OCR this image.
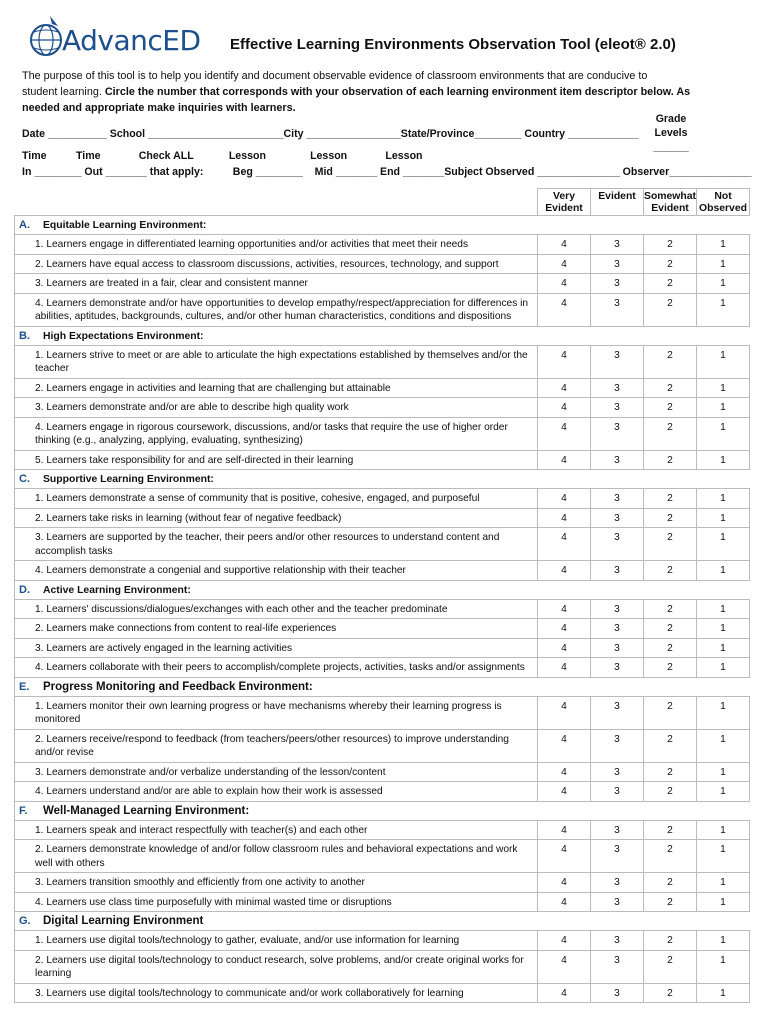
AdvancED Effective Learning Environments Observation Tool (eleot® 2.0)
The purpose of this tool is to help you identify and document observable evidence of classroom environments that are conducive to
student learning. Circle the number that corresponds with your observation of each learning environment item descriptor below. As
needed and appropriate make inquiries with learners.
Grade
Levels ______
Date __________ School _______________________City ________________State/Province________ Country ____________
Time          Time             Check ALL            Lesson               Lesson             Lesson
In ________ Out _______ that apply:          Beg ________    Mid _______ End _______Subject Observed ______________ Observer______________
	Very Evident	Evident	Somewhat Evident	Not Observed
A. Equitable Learning Environment:				
1. Learners engage in differentiated learning opportunities and/or activities that meet their needs	4	3	2	1
2. Learners have equal access to classroom discussions, activities, resources, technology, and support	4	3	2	1
3. Learners are treated in a fair, clear and consistent manner	4	3	2	1
4. Learners demonstrate and/or have opportunities to develop empathy/respect/appreciation for differences in abilities, aptitudes, backgrounds, cultures, and/or other human characteristics, conditions and dispositions	4	3	2	1
B. High Expectations Environment:				
1. Learners strive to meet or are able to articulate the high expectations established by themselves and/or the teacher	4	3	2	1
2. Learners engage in activities and learning that are challenging but attainable	4	3	2	1
3. Learners demonstrate and/or are able to describe high quality work	4	3	2	1
4. Learners engage in rigorous coursework, discussions, and/or tasks that require the use of higher order thinking (e.g., analyzing, applying, evaluating, synthesizing)	4	3	2	1
5. Learners take responsibility for and are self-directed in their learning	4	3	2	1
C. Supportive Learning Environment:				
1. Learners demonstrate a sense of community that is positive, cohesive, engaged, and purposeful	4	3	2	1
2. Learners take risks in learning (without fear of negative feedback)	4	3	2	1
3. Learners are supported by the teacher, their peers and/or other resources to understand content and accomplish tasks	4	3	2	1
4. Learners demonstrate a congenial and supportive relationship with their teacher	4	3	2	1
D. Active Learning Environment:				
1. Learners' discussions/dialogues/exchanges with each other and the teacher predominate	4	3	2	1
2. Learners make connections from content to real-life experiences	4	3	2	1
3. Learners are actively engaged in the learning activities	4	3	2	1
4. Learners collaborate with their peers to accomplish/complete projects, activities, tasks and/or assignments	4	3	2	1
E. Progress Monitoring and Feedback Environment:				
1. Learners monitor their own learning progress or have mechanisms whereby their learning progress is monitored	4	3	2	1
2. Learners receive/respond to feedback (from teachers/peers/other resources) to improve understanding and/or revise	4	3	2	1
3. Learners demonstrate and/or verbalize understanding of the lesson/content	4	3	2	1
4. Learners understand and/or are able to explain how their work is assessed	4	3	2	1
F. Well-Managed Learning Environment:				
1. Learners speak and interact respectfully with teacher(s) and each other	4	3	2	1
2. Learners demonstrate knowledge of and/or follow classroom rules and behavioral expectations and work well with others	4	3	2	1
3. Learners transition smoothly and efficiently from one activity to another	4	3	2	1
4. Learners use class time purposefully with minimal wasted time or disruptions	4	3	2	1
G. Digital Learning Environment				
1. Learners use digital tools/technology to gather, evaluate, and/or use information for learning	4	3	2	1
2. Learners use digital tools/technology to conduct research, solve problems, and/or create original works for learning	4	3	2	1
3. Learners use digital tools/technology to communicate and/or work collaboratively for learning	4	3	2	1
